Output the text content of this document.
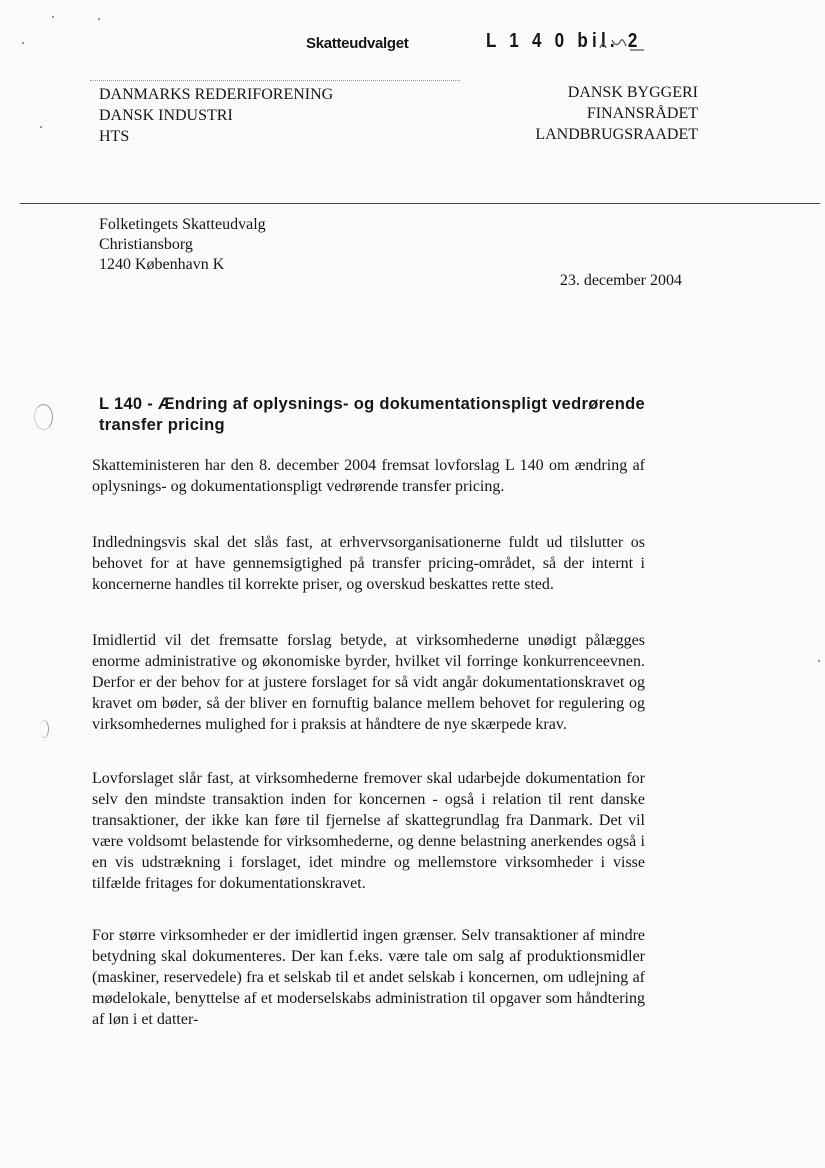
Skatteudvalget	L 1 4 0 bil. 2
DANMARKS REDERIFORENING
DANSK INDUSTRI
HTS
DANSK BYGGERI
FINANSRÅDET
LANDBRUGSRAADET
Folketingets Skatteudvalg
Christiansborg
1240 København K
23. december 2004
L 140 - Ændring af oplysnings- og dokumentationspligt vedrørende transfer pricing

Skatteministeren har den 8. december 2004 fremsat lovforslag L 140 om ændring af oplysnings- og dokumentationspligt vedrørende transfer pricing.

Indledningsvis skal det slås fast, at erhvervsorganisationerne fuldt ud tilslutter os behovet for at have gennemsigtighed på transfer pricing-området, så der internt i koncernerne handles til korrekte priser, og overskud beskattes rette sted.

Imidlertid vil det fremsatte forslag betyde, at virksomhederne unødigt pålægges enorme administrative og økonomiske byrder, hvilket vil forringe konkurrenceevnen. Derfor er der behov for at justere forslaget for så vidt angår dokumentationskravet og kravet om bøder, så der bliver en fornuftig balance mellem behovet for regulering og virksomhedernes mulighed for i praksis at håndtere de nye skærpede krav.

Lovforslaget slår fast, at virksomhederne fremover skal udarbejde dokumentation for selv den mindste transaktion inden for koncernen - også i relation til rent danske transaktioner, der ikke kan føre til fjernelse af skattegrundlag fra Danmark. Det vil være voldsomt belastende for virksomhederne, og denne belastning anerkendes også i en vis udstrækning i forslaget, idet mindre og mellemstore virksomheder i visse tilfælde fritages for dokumentationskravet.

For større virksomheder er der imidlertid ingen grænser. Selv transaktioner af mindre betydning skal dokumenteres. Der kan f.eks. være tale om salg af produktionsmidler (maskiner, reservedele) fra et selskab til et andet selskab i koncernen, om udlejning af mødelokale, benyttelse af et moderselskabs administration til opgaver som håndtering af løn i et datter-
